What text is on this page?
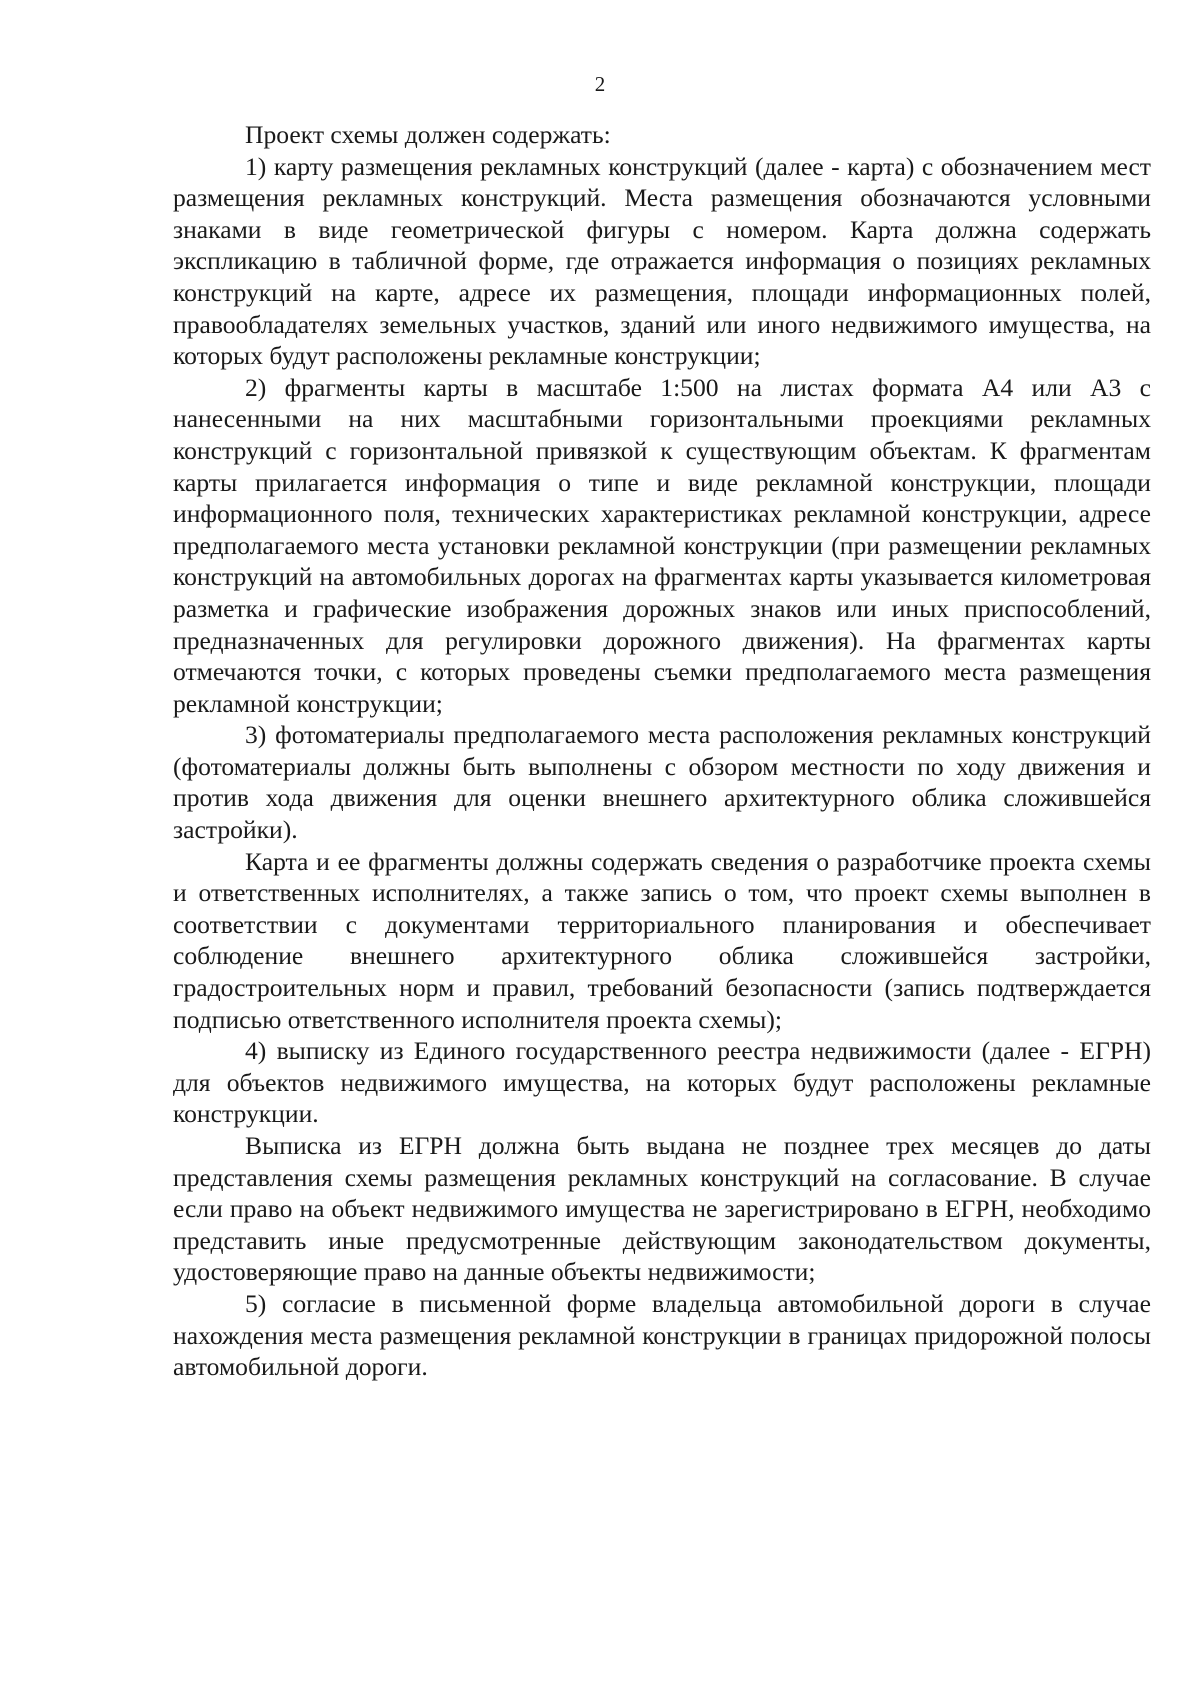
2

Проект схемы должен содержать:

1) карту размещения рекламных конструкций (далее - карта) с обозначением мест размещения рекламных конструкций. Места размещения обозначаются условными знаками в виде геометрической фигуры с номером. Карта должна содержать экспликацию в табличной форме, где отражается информация о позициях рекламных конструкций на карте, адресе их размещения, площади информационных полей, правообладателях земельных участков, зданий или иного недвижимого имущества, на которых будут расположены рекламные конструкции;

2) фрагменты карты в масштабе 1:500 на листах формата А4 или А3 с нанесенными на них масштабными горизонтальными проекциями рекламных конструкций с горизонтальной привязкой к существующим объектам. К фрагментам карты прилагается информация о типе и виде рекламной конструкции, площади информационного поля, технических характеристиках рекламной конструкции, адресе предполагаемого места установки рекламной конструкции (при размещении рекламных конструкций на автомобильных дорогах на фрагментах карты указывается километровая разметка и графические изображения дорожных знаков или иных приспособлений, предназначенных для регулировки дорожного движения). На фрагментах карты отмечаются точки, с которых проведены съемки предполагаемого места размещения рекламной конструкции;

3) фотоматериалы предполагаемого места расположения рекламных конструкций (фотоматериалы должны быть выполнены с обзором местности по ходу движения и против хода движения для оценки внешнего архитектурного облика сложившейся застройки).

Карта и ее фрагменты должны содержать сведения о разработчике проекта схемы и ответственных исполнителях, а также запись о том, что проект схемы выполнен в соответствии с документами территориального планирования и обеспечивает соблюдение внешнего архитектурного облика сложившейся застройки, градостроительных норм и правил, требований безопасности (запись подтверждается подписью ответственного исполнителя проекта схемы);

4) выписку из Единого государственного реестра недвижимости (далее - ЕГРН) для объектов недвижимого имущества, на которых будут расположены рекламные конструкции.

Выписка из ЕГРН должна быть выдана не позднее трех месяцев до даты представления схемы размещения рекламных конструкций на согласование. В случае если право на объект недвижимого имущества не зарегистрировано в ЕГРН, необходимо представить иные предусмотренные действующим законодательством документы, удостоверяющие право на данные объекты недвижимости;

5) согласие в письменной форме владельца автомобильной дороги в случае нахождения места размещения рекламной конструкции в границах придорожной полосы автомобильной дороги.
